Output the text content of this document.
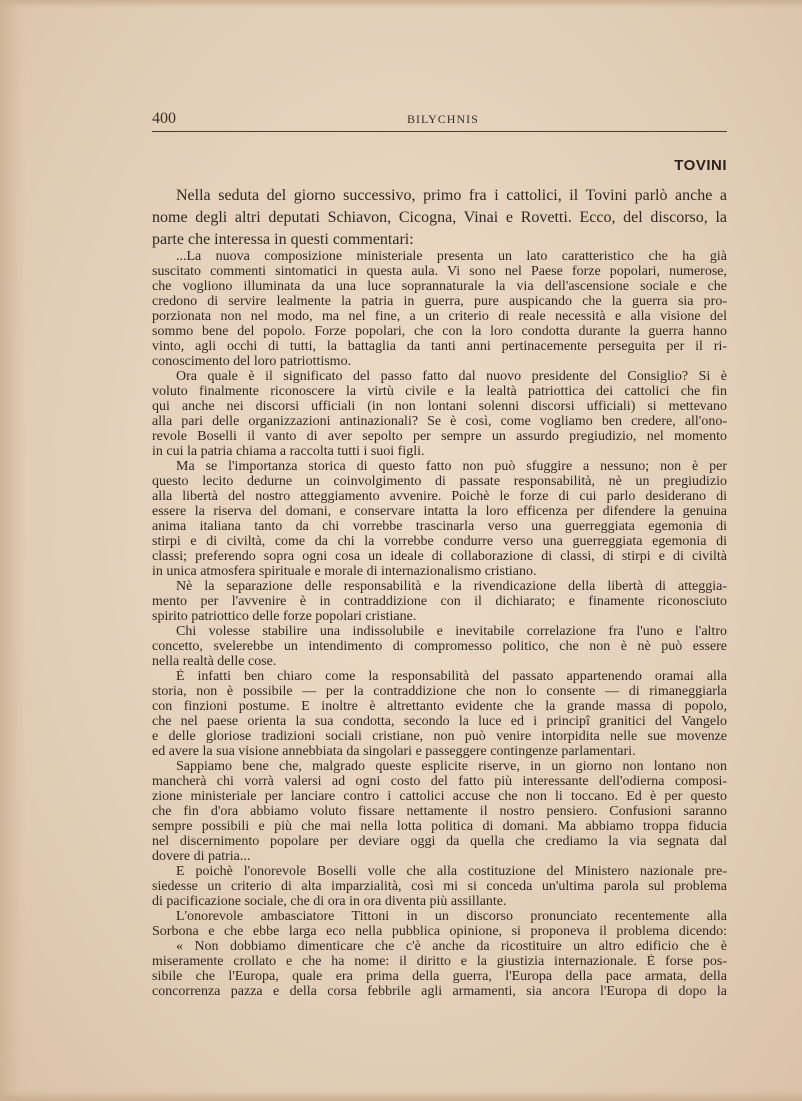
400	BILYCHNIS
TOVINI
Nella seduta del giorno successivo, primo fra i cattolici, il Tovini parlò anche a
nome degli altri deputati Schiavon, Cicogna, Vinai e Rovetti. Ecco, del discorso, la
parte che interessa in questi commentari:
...La nuova composizione ministeriale presenta un lato caratteristico che ha già
suscitato commenti sintomatici in questa aula. Vi sono nel Paese forze popolari, numerose,
che vogliono illuminata da una luce soprannaturale la via dell'ascensione sociale e che
credono di servire lealmente la patria in guerra, pure auspicando che la guerra sia pro-
porzionata non nel modo, ma nel fine, a un criterio di reale necessità e alla visione del
sommo bene del popolo. Forze popolari, che con la loro condotta durante la guerra hanno
vinto, agli occhi di tutti, la battaglia da tanti anni pertinacemente perseguita per il ri-
conoscimento del loro patriottismo.
Ora quale è il significato del passo fatto dal nuovo presidente del Consiglio? Si è
voluto finalmente riconoscere la virtù civile e la lealtà patriottica dei cattolici che fin
qui anche nei discorsi ufficiali (in non lontani solenni discorsi ufficiali) si mettevano
alla pari delle organizzazioni antinazionali? Se è così, come vogliamo ben credere, all'ono-
revole Boselli il vanto di aver sepolto per sempre un assurdo pregiudizio, nel momento
in cui la patria chiama a raccolta tutti i suoi figli.
Ma se l'importanza storica di questo fatto non può sfuggire a nessuno; non è per
questo lecito dedurne un coinvolgimento di passate responsabilità, nè un pregiudizio
alla libertà del nostro atteggiamento avvenire. Poichè le forze di cui parlo desiderano di
essere la riserva del domani, e conservare intatta la loro efficenza per difendere la genuina
anima italiana tanto da chi vorrebbe trascinarla verso una guerreggiata egemonia di
stirpi e di civiltà, come da chi la vorrebbe condurre verso una guerreggiata egemonia di
classi; preferendo sopra ogni cosa un ideale di collaborazione di classi, di stirpi e di civiltà
in unica atmosfera spirituale e morale di internazionalismo cristiano.
Nè la separazione delle responsabilità e la rivendicazione della libertà di atteggia-
mento per l'avvenire è in contraddizione con il dichiarato; e finamente riconosciuto
spirito patriottico delle forze popolari cristiane.
Chi volesse stabilire una indissolubile e inevitabile correlazione fra l'uno e l'altro
concetto, svelerebbe un intendimento di compromesso politico, che non è nè può essere
nella realtà delle cose.
È infatti ben chiaro come la responsabilità del passato appartenendo oramai alla
storia, non è possibile — per la contraddizione che non lo consente — di rimaneggiarla
con finzioni postume. E inoltre è altrettanto evidente che la grande massa di popolo,
che nel paese orienta la sua condotta, secondo la luce ed i principî granitici del Vangelo
e delle gloriose tradizioni sociali cristiane, non può venire intorpidita nelle sue movenze
ed avere la sua visione annebbiata da singolari e passeggere contingenze parlamentari.
Sappiamo bene che, malgrado queste esplicite riserve, in un giorno non lontano non
mancherà chi vorrà valersi ad ogni costo del fatto più interessante dell'odierna composi-
zione ministeriale per lanciare contro i cattolici accuse che non li toccano. Ed è per questo
che fin d'ora abbiamo voluto fissare nettamente il nostro pensiero. Confusioni saranno
sempre possibili e più che mai nella lotta politica di domani. Ma abbiamo troppa fiducia
nel discernimento popolare per deviare oggi da quella che crediamo la via segnata dal
dovere di patria...
E poichè l'onorevole Boselli volle che alla costituzione del Ministero nazionale pre-
siedesse un criterio di alta imparzialità, così mi si conceda un'ultima parola sul problema
di pacificazione sociale, che di ora in ora diventa più assillante.
L'onorevole ambasciatore Tittoni in un discorso pronunciato recentemente alla
Sorbona e che ebbe larga eco nella pubblica opinione, si proponeva il problema dicendo:
« Non dobbiamo dimenticare che c'è anche da ricostituire un altro edificio che è
miseramente crollato e che ha nome: il diritto e la giustizia internazionale. È forse pos-
sibile che l'Europa, quale era prima della guerra, l'Europa della pace armata, della
concorrenza pazza e della corsa febbrile agli armamenti, sia ancora l'Europa di dopo la
